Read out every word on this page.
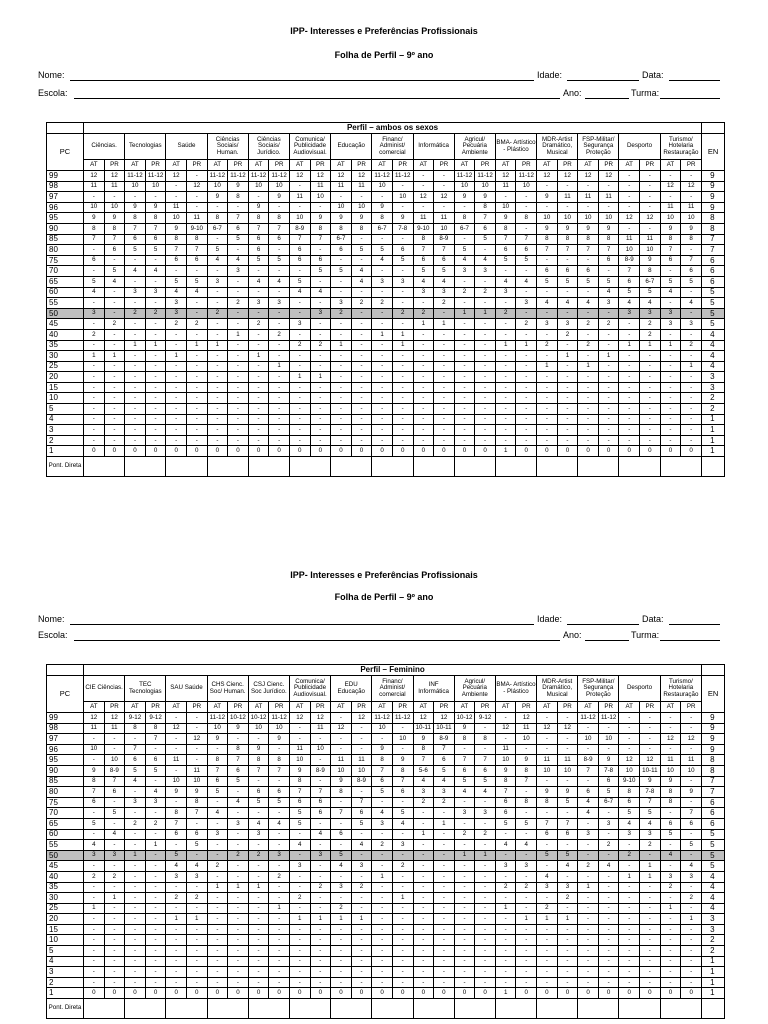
IPP- Interesses e Preferências Profissionais
Folha de Perfil – 9º ano
Nome:	Idade:	Data:
Escola:	Ano:	Turma:
	Perfil – ambos os sexos																														
PC	Ciências.		Tecnologias		Saúde		Ciências Sociais/ Human.		Ciências Sociais/ Jurídico.		Comunica/ Publicidade Audiovisual.		Educação		Financ/ Administ/ comercial		Informática		Agricul/ Pecuária Ambiente		BMA- Artístico - Plástico		MDR-Artist Dramático, Musical		FSP-Militar/ Segurança Proteção		Desporto		Turismo/ Hotelaria Restauração		EN
	AT	PR	AT	PR	AT	PR	AT	PR	AT	PR	AT	PR	AT	PR	AT	PR	AT	PR	AT	PR	AT	PR	AT	PR	AT	PR	AT	PR	AT	PR	
99	12	12	11-12	11-12	12	-	11-12	11-12	11-12	11-12	12	12	12	12	11-12	11-12	-	-	11-12	11-12	12	11-12	12	12	12	12	-	-	-	-	9
98	11	11	10	10	-	12	10	9	10	10	-	11	11	11	10	-	-	-	10	10	11	10	-	-	-	-	-	-	12	12	9
97	-	-	-	-	-	-	9	8	-	9	11	10	-	-	-	10	12	12	9	9	-	-	9	11	11	11	-	-	-	-	9
96	10	10	9	9	11	-	-	-	9	-	-	-	10	10	9	-	-	-	-	8	10	-	-	-	-	-	-	-	11	11	9
95	9	9	8	8	10	11	8	7	8	8	10	9	9	9	8	9	11	11	8	7	9	8	10	10	10	10	12	12	10	10	8
90	8	8	7	7	9	9-10	6-7	6	7	7	8-9	8	8	8	6-7	7-8	9-10	10	6-7	6	8	-	9	9	9	9	-	-	9	9	8
85	7	7	6	6	8	8	-	5	6	6	7	7	6-7	-	-	-	8	8-9	-	5	7	7	8	8	8	8	11	11	8	8	7
80	-	6	5	5	7	7	5	-	6	-	6	-	6	5	5	6	7	7	5	-	6	6	7	7	7	7	10	10	7	-	7
75	6	-	-	-	6	6	4	4	5	5	6	6	-	-	4	5	6	6	4	4	5	5	-	-	-	6	8-9	9	6	7	6
70	-	5	4	4	-	-	-	3	-	-	-	5	5	4	-	-	5	5	3	3	-	-	6	6	6	-	7	8	-	6	6
65	5	4	-	-	5	5	3	-	4	4	5	-	-	4	3	3	4	4	-	-	4	4	5	5	5	5	6	6-7	5	5	6
60	4	-	3	3	4	4	-	-	-	-	4	4	-	-	-	-	3	3	2	2	3	-	-	-	-	4	5	5	4	-	5
55	-	-	-	-	3	-	-	2	3	3	-	-	3	2	2	-	-	2	-	-	-	3	4	4	4	3	4	4	-	4	5
50	3	-	2	2	3	-	2	-	-	-	-	3	2	-	-	2	2	-	1	1	2	-	-	-	-	-	3	3	3	-	5
45	-	2	-	-	2	2	-	-	2	-	3	-	-	-	-	-	1	1	-	-	-	2	3	3	2	2	-	2	3	3	5
40	2	-	-	-	-	-	-	1	-	2	-	-	-	-	1	1	-	-	-	-	-	-	-	2	-	-	-	2	-	-	4
35	-	-	1	1	-	1	1	-	-	-	2	2	1	-	-	1	-	-	-	-	1	1	2	-	2	-	1	1	1	2	4
30	1	1	-	-	1	-	-	-	1	-	-	-	-	-	-	-	-	-	-	-	-	-	-	1	-	1	-	-	-	-	4
25	-	-	-	-	-	-	-	-	-	1	-	-	-	-	-	-	-	-	-	-	-	-	1	-	1	-	-	-	-	1	4
20	-	-	-	-	-	-	-	-	-	-	1	1	-	-	-	-	-	-	-	-	-	-	-	-	-	-	-	-	-	-	3
15	-	-	-	-	-	-	-	-	-	-	-	-	-	-	-	-	-	-	-	-	-	-	-	-	-	-	-	-	-	-	3
10	-	-	-	-	-	-	-	-	-	-	-	-	-	-	-	-	-	-	-	-	-	-	-	-	-	-	-	-	-	-	2
5	-	-	-	-	-	-	-	-	-	-	-	-	-	-	-	-	-	-	-	-	-	-	-	-	-	-	-	-	-	-	2
4	-	-	-	-	-	-	-	-	-	-	-	-	-	-	-	-	-	-	-	-	-	-	-	-	-	-	-	-	-	-	1
3	-	-	-	-	-	-	-	-	-	-	-	-	-	-	-	-	-	-	-	-	-	-	-	-	-	-	-	-	-	-	1
2	-	-	-	-	-	-	-	-	-	-	-	-	-	-	-	-	-	-	-	-	-	-	-	-	-	-	-	-	-	-	1
1	0	0	0	0	0	0	0	0	0	0	0	0	0	0	0	0	0	0	0	0	1	0	0	0	0	0	0	0	0	0	1
Pont. Direta																															
IPP- Interesses e Preferências Profissionais
Folha de Perfil – 9º ano
Nome:	Idade:	Data:
Escola:	Ano:	Turma:
	Perfil – Feminino																														
PC	CIE Ciências.		TEC Tecnologias		SAU Saúde		CHS Cienc. Soc/ Human.		CSJ Cienc. Soc Jurídico.		Comunica/ Publicidade Audiovisual.		EDU Educação		Financ/ Administ/ comercial		INF Informática		Agricul/ Pecuária Ambiente		BMA- Artístico - Plástico		MDR-Artist Dramático, Musical		FSP-Militar/ Segurança Proteção		Desporto		Turismo/ Hotelaria Restauração		EN
	AT	PR	AT	PR	AT	PR	AT	PR	AT	PR	AT	PR	AT	PR	AT	PR	AT	PR	AT	PR	AT	PR	AT	PR	AT	PR	AT	PR	AT	PR	
99	12	12	9-12	9-12	-	-	11-12	10-12	10-12	11-12	12	12	-	12	11-12	11-12	12	12	10-12	9-12	-	12	-	-	11-12	11-12	-	-	-	-	9
98	11	11	8	8	12	-	10	9	10	10	-	11	12	-	10	-	10-11	10-11	9	-	12	11	12	12	-	-	-	-	-	-	9
97	-	-	-	7	-	12	9	-	-	9	-	-	-	-	-	10	9	8-9	8	8	-	10	-	-	10	10	-	-	12	12	9
96	10	-	7	-	-	-	-	8	9	-	11	10	-	-	9	-	8	7	-	-	11	-	-	-	-	-	-	-	-	-	9
95	-	10	6	6	11	-	8	7	8	8	10	-	11	11	8	9	7	6	7	7	10	9	11	11	8-9	9	12	12	11	11	8
90	9	8-9	5	5	-	11	7	6	7	7	9	8-9	10	10	7	8	5-6	5	6	6	9	8	10	10	7	7-8	10	10-11	10	10	8
85	8	7	4	-	10	10	6	5	-	-	8	-	9	8-9	6	7	4	4	5	5	8	7	-	-	-	6	9-10	9	9	-	7
80	7	6	-	4	9	9	5	-	6	6	7	7	8	-	5	6	3	3	4	4	7	-	9	9	6	5	8	7-8	8	9	7
75	6	-	3	3	-	8	-	4	5	5	6	6	-	7	-	-	2	2	-	-	6	8	8	5	4	6-7	6	7	8	-	6
70	-	5	-	-	8	7	4	-	-	-	5	6	7	6	4	5	-	-	3	3	6	-	-	-	4	-	5	5	-	7	6
65	5	-	2	2	7	-	-	3	4	4	5	-	-	5	3	4	-	1	-	-	5	5	7	7	-	3	4	4	6	6	6
60	-	4	-	-	6	6	3	-	3	-	-	4	6	-	-	-	1	-	2	2	-	-	6	6	3	-	3	3	5	-	5
55	4	-	-	1	-	5	-	-	-	-	4	-	-	4	2	3	-	-	-	-	4	4	-	-	-	2	-	2	-	5	5
50	3	3	1	-	5	-	-	2	2	3	-	3	5	-	-	-	-	-	1	1	-	-	5	5	-	-	2	-	4	-	5
45	-	-	-	-	4	4	2	-	-	-	3	-	4	3	-	2	-	-	-	-	3	3	-	4	2	4	-	1	-	4	5
40	2	2	-	-	3	3	-	-	-	2	-	-	-	-	1	-	-	-	-	-	-	-	4	-	-	-	1	1	3	3	4
35	-	-	-	-	-	-	1	1	1	-	-	2	3	2	-	-	-	-	-	-	2	2	3	3	1	-	-	-	2	-	4
30	-	1	-	-	2	2	-	-	-	-	2	-	-	-	-	1	-	-	-	-	-	-	-	2	-	-	-	-	-	2	4
25	1	-	-	-	-	-	-	-	-	1	-	-	2	-	-	-	-	-	-	-	1	-	2	-	-	-	-	-	1	-	4
20	-	-	-	-	1	1	-	-	-	-	1	1	1	1	-	-	-	-	-	-	-	1	1	1	-	-	-	-	-	1	3
15	-	-	-	-	-	-	-	-	-	-	-	-	-	-	-	-	-	-	-	-	-	-	-	-	-	-	-	-	-	-	3
10	-	-	-	-	-	-	-	-	-	-	-	-	-	-	-	-	-	-	-	-	-	-	-	-	-	-	-	-	-	-	2
5	-	-	-	-	-	-	-	-	-	-	-	-	-	-	-	-	-	-	-	-	-	-	-	-	-	-	-	-	-	-	2
4	-	-	-	-	-	-	-	-	-	-	-	-	-	-	-	-	-	-	-	-	-	-	-	-	-	-	-	-	-	-	1
3	-	-	-	-	-	-	-	-	-	-	-	-	-	-	-	-	-	-	-	-	-	-	-	-	-	-	-	-	-	-	1
2	-	-	-	-	-	-	-	-	-	-	-	-	-	-	-	-	-	-	-	-	-	-	-	-	-	-	-	-	-	-	1
1	0	0	0	0	0	0	0	0	0	0	0	0	0	0	0	0	0	0	0	0	1	0	0	0	0	0	0	0	0	0	1
Pont. Direta																															
